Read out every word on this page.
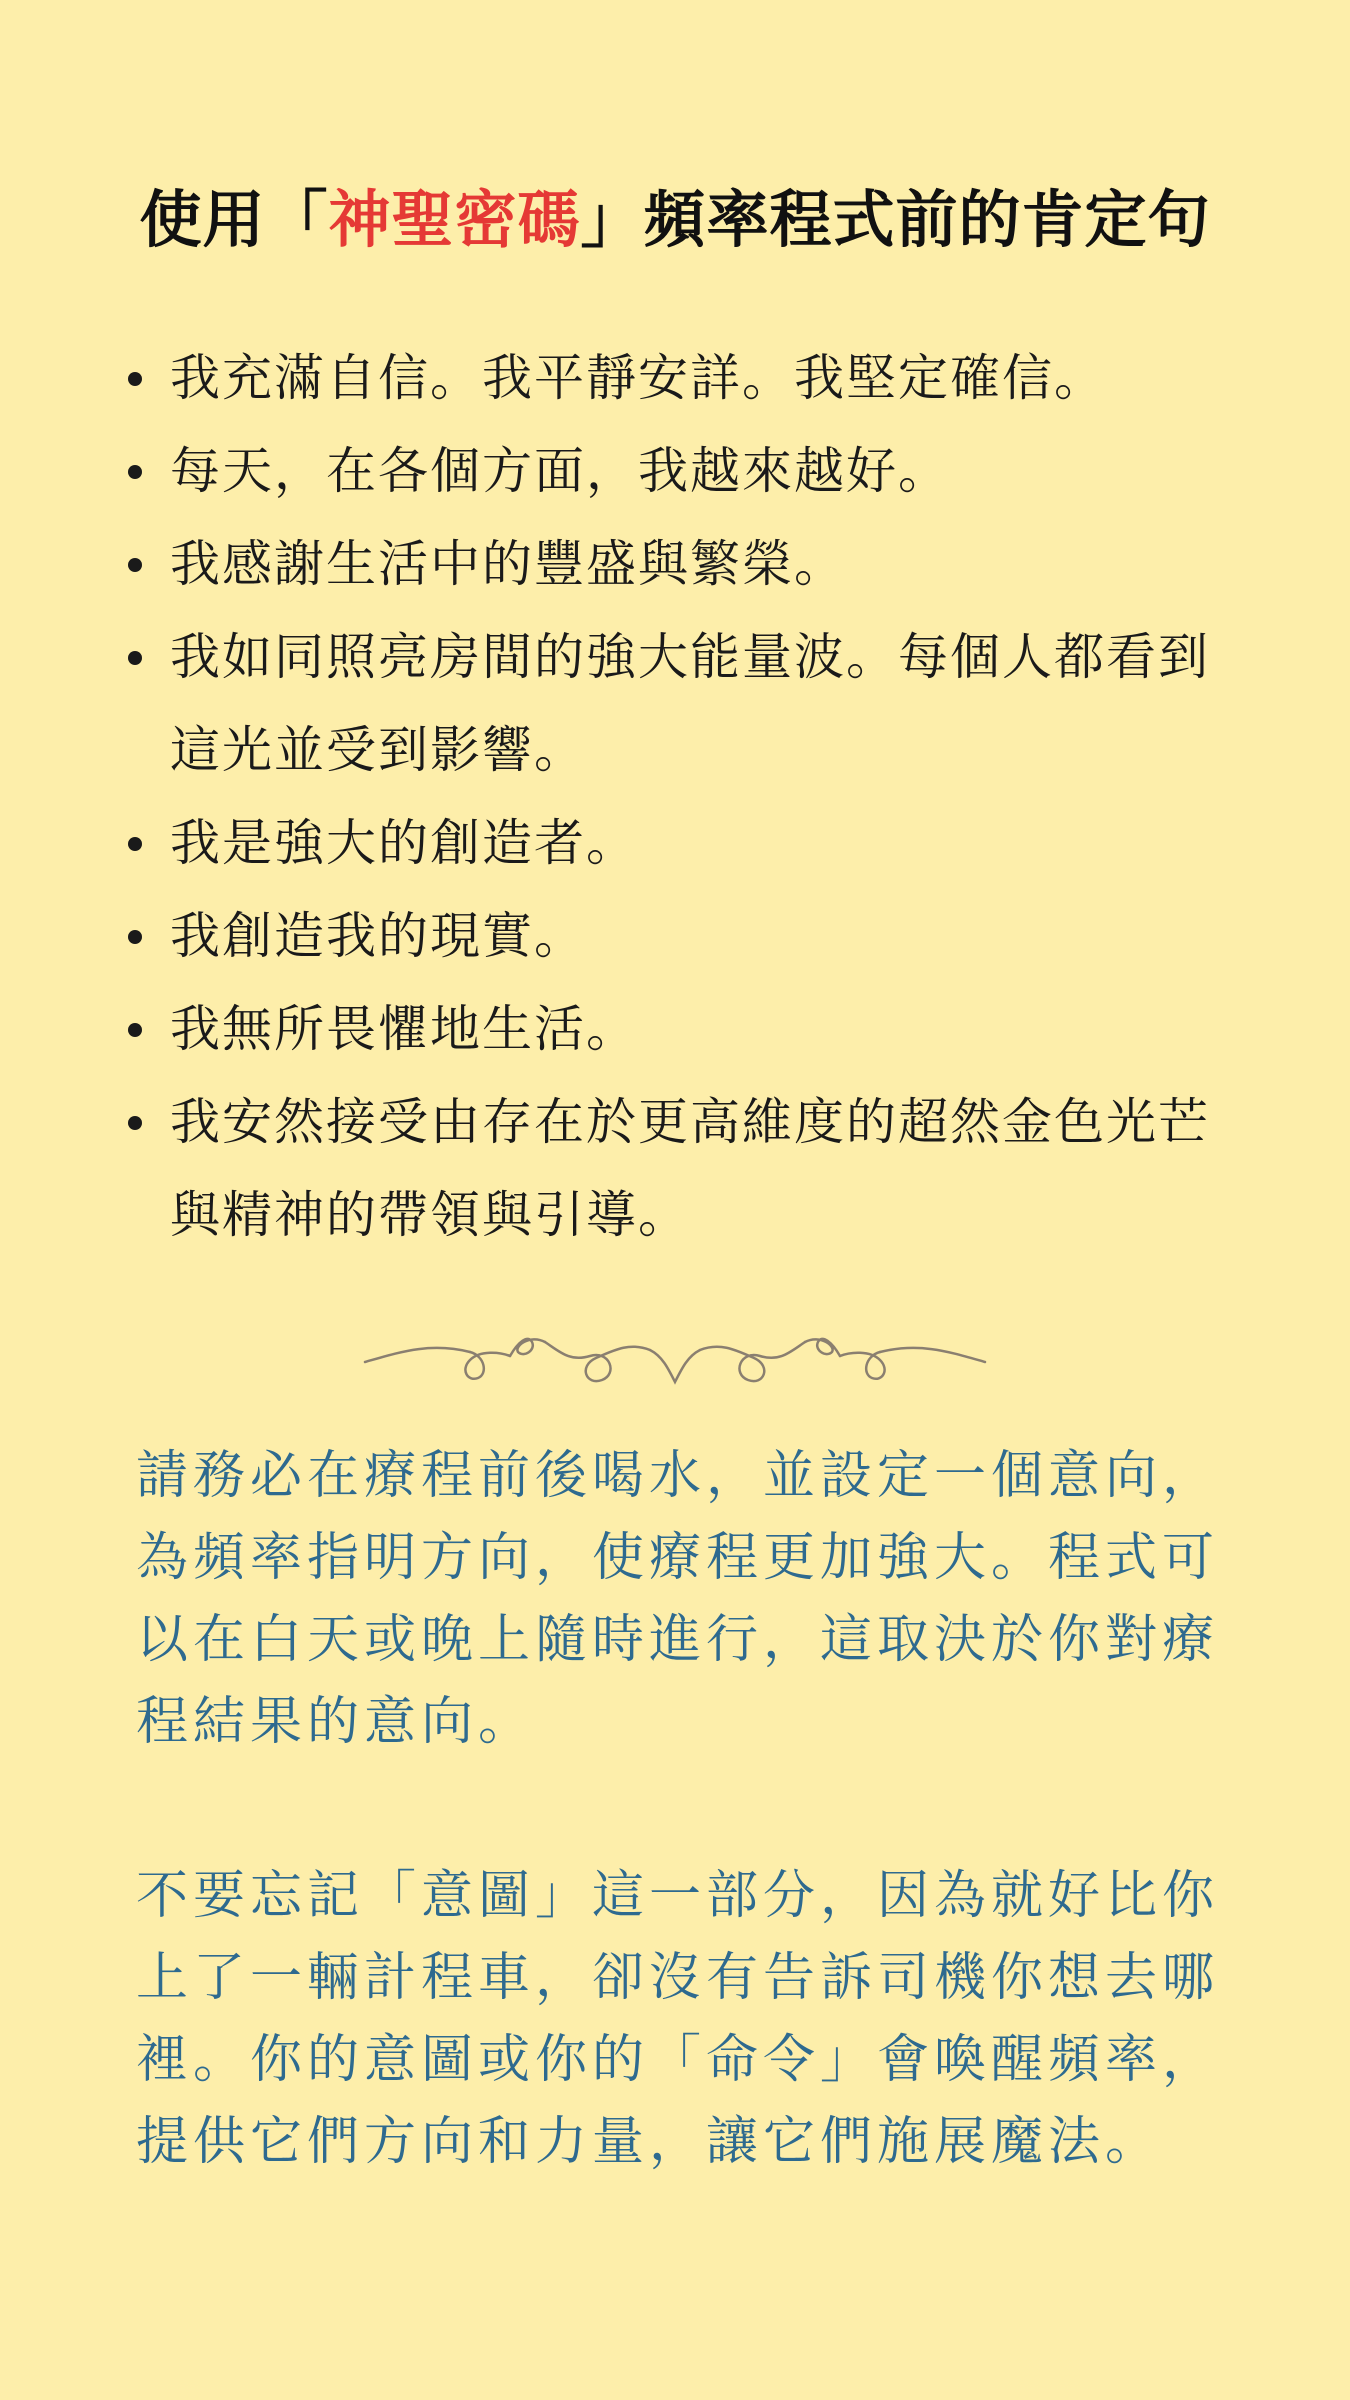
使用「神聖密碼」頻率程式前的肯定句
我充滿自信。我平靜安詳。我堅定確信。
每天，在各個方面，我越來越好。
我感謝生活中的豐盛與繁榮。
我如同照亮房間的強大能量波。每個人都看到這光並受到影響。
我是強大的創造者。
我創造我的現實。
我無所畏懼地生活。
我安然接受由存在於更高維度的超然金色光芒與精神的帶領與引導。

請務必在療程前後喝水，並設定一個意向，為頻率指明方向，使療程更加強大。程式可以在白天或晚上隨時進行，這取決於你對療程結果的意向。

不要忘記「意圖」這一部分，因為就好比你上了一輛計程車，卻沒有告訴司機你想去哪裡。你的意圖或你的「命令」會喚醒頻率，提供它們方向和力量，讓它們施展魔法。
